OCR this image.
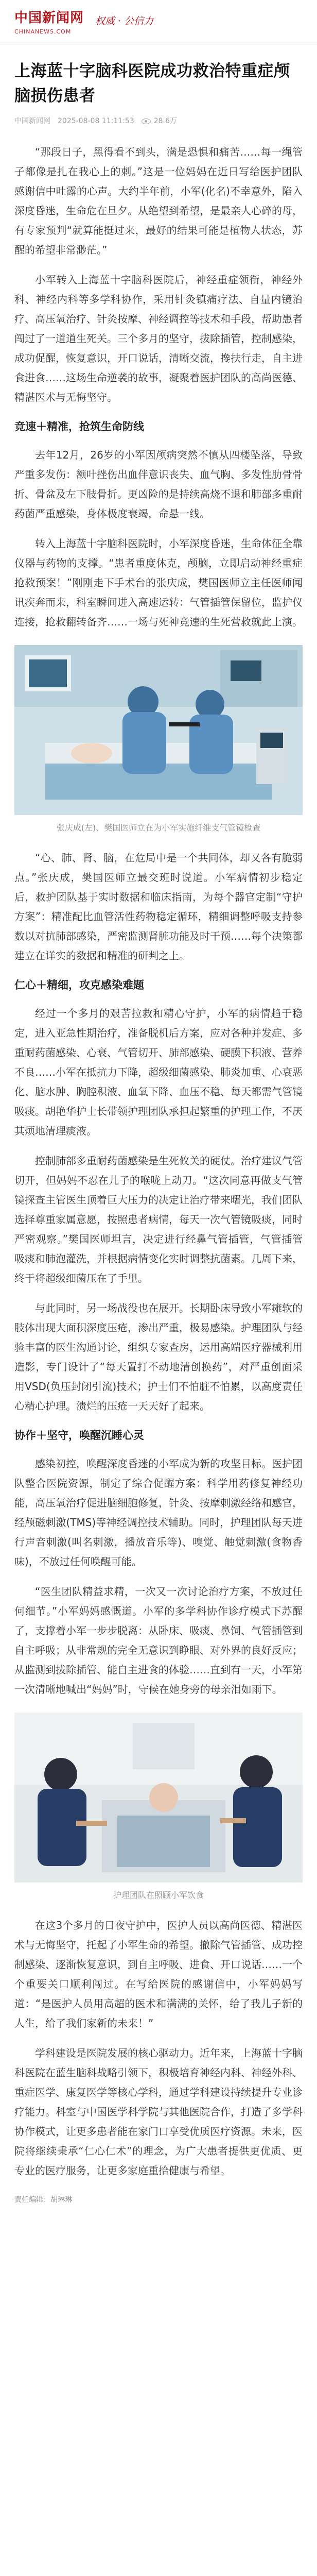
中国新闻网
CHINANEWS.COM
权威 · 公信力
上海蓝十字脑科医院成功救治特重症颅脑损伤患者
中国新闻网 2025-08-08 11:11:53	28.6万

“那段日子，黑得看不到头，满是恐惧和痛苦……每一绳管子都像是扎在我心上的刺。”这是一位妈妈在近日写给医护团队感谢信中吐露的心声。大约半年前，小军(化名)不幸意外，陷入深度昏迷，生命危在旦夕。从绝望到希望，是最亲人心碎的母，有专家预判“就算能挺过来，最好的结果可能是植物人状态，苏醒的希望非常渺茫。”

小军转入上海蓝十字脑科医院后，神经重症领衔，神经外科、神经内科等多学科协作，采用针灸镇痛疗法、自量内镜治疗、高压氧治疗、针灸按摩、神经调控等技术和手段，帮助患者闯过了一道道生死关。三个多月的坚守，拔除插管，控制感染，成功促醒，恢复意识，开口说话，清晰交流，搀扶行走，自主进食进食……这场生命逆袭的故事，凝聚着医护团队的高尚医德、精湛医术与无悔坚守。

竞速＋精准，抢筑生命防线

去年12月，26岁的小军因颅病突然不慎从四楼坠落，导致严重多发伤：额叶挫伤出血伴意识丧失、血气胸、多发性肋骨骨折、骨盆及左下肢骨折。更凶险的是持续高烧不退和肺部多重耐药菌严重感染，身体极度衰竭，命悬一线。

转入上海蓝十字脑科医院时，小军深度昏迷，生命体征全靠仪器与药物的支撑。“患者重度休克，颅脑，立即启动神经重症抢救预案！”刚刚走下手术台的张庆成，樊国医师立主任医师闻讯疾奔而来，科室瞬间进入高速运转：气管插管保留位，监护仪连接，抢救翻转备齐……一场与死神竞速的生死营救就此上演。

张庆成(左)、樊国医师立在为小军实施纤维支气管镜检查

“心、肺、肾、脑，在危局中是一个共同体，却又各有脆弱点。”张庆成，樊国医师立最交班时说道。小军病情初步稳定后，救护团队基于实时数据和临床指南，为每个器官定制“守护方案”：精准配比血管活性药物稳定循环，精细调整呼吸支持参数以对抗肺部感染，严密监测肾脏功能及时干预……每个决策都建立在详实的数据和精准的研判之上。

仁心＋精细，攻克感染难题

经过一个多月的艰苦拉救和精心守护，小军的病情趋于稳定，进入亚急性期治疗，准备脱机后方案，应对各种并发症、多重耐药菌感染、心衰、气管切开、肺部感染、硬膜下积液、营养不良……小军在抵抗力下降，超级细菌感染、肺炎加重、心衰恶化、脑水肿、胸腔积液、血氧下降、血压不稳、每天都需气管镜吸痰。胡艳华护士长带领护理团队承担起繁重的护理工作，不厌其烦地清理痰液。

控制肺部多重耐药菌感染是生死攸关的硬仗。治疗建议气管切开，但妈妈不忍在儿子的喉咙上动刀。“这次同意再做支气管镜探查主管医生顶着巨大压力的决定让治疗带来曙光，我们团队选择尊重家属意愿，按照患者病情，每天一次气管镜吸痰，同时严密观察。”樊国医师坦言，决定进行经鼻气管插管，气管插管吸痰和肺泡灌洗，并根据病情变化实时调整抗菌素。几周下来，终于将超级细菌压在了手里。

与此同时，另一场战役也在展开。长期卧床导致小军瘫软的肢体出现大面积深度压疮，渗出严重，极易感染。护理团队与经验丰富的医生沟通讨论，组织专家查房，运用高端医疗器械利用造影，专门设计了“每天置打不动地清创换药”，对严重创面采用VSD(负压封闭引流)技术；护士们不怕脏不怕累，以高度责任心精心护理。溃烂的压疮一天天好了起来。

协作＋坚守，唤醒沉睡心灵

感染初控，唤醒深度昏迷的小军成为新的攻坚目标。医护团队整合医院资源，制定了综合促醒方案：科学用药修复神经功能，高压氧治疗促进脑细胞修复，针灸、按摩刺激经络和感官，经颅磁刺激(TMS)等神经调控技术辅助。同时，护理团队每天进行声音刺激(叫名刺激，播放音乐等)、嗅觉、触觉刺激(食物香味)，不放过任何唤醒可能。

“医生团队精益求精，一次又一次讨论治疗方案，不放过任何细节。”小军妈妈感慨道。小军的多学科协作诊疗模式下苏醒了，支撑着小军一步步脱离：从卧床、吸痰、鼻饲、气管插管到自主呼吸；从非常规的完全无意识到睁眼、对外界的良好反应；从监测到拔除插管、能自主进食的体验……直到有一天，小军第一次清晰地喊出“妈妈”时，守候在她身旁的母亲泪如雨下。

护理团队在照顾小军饮食

在这3个多月的日夜守护中，医护人员以高尚医德、精湛医术与无悔坚守，托起了小军生命的希望。撤除气管插管、成功控制感染、逐渐恢复意识，到自主呼吸、进食、开口说话……一个个重要关口顺利闯过。在写给医院的感谢信中，小军妈妈写道：“是医护人员用高超的医术和满满的关怀，给了我儿子新的人生，给了我们家新的未来！”

学科建设是医院发展的核心驱动力。近年来，上海蓝十字脑科医院在蓝生脑科战略引领下，积极培育神经内科、神经外科、重症医学、康复医学等核心学科，通过学科建设持续提升专业诊疗能力。科室与中国医学科学院与其他医院合作，打造了多学科协作模式，让更多患者能在家门口享受优质医疗资源。未来，医院将继续秉承“仁心仁术”的理念，为广大患者提供更优质、更专业的医疗服务，让更多家庭重拾健康与希望。

责任编辑：胡琳琳
